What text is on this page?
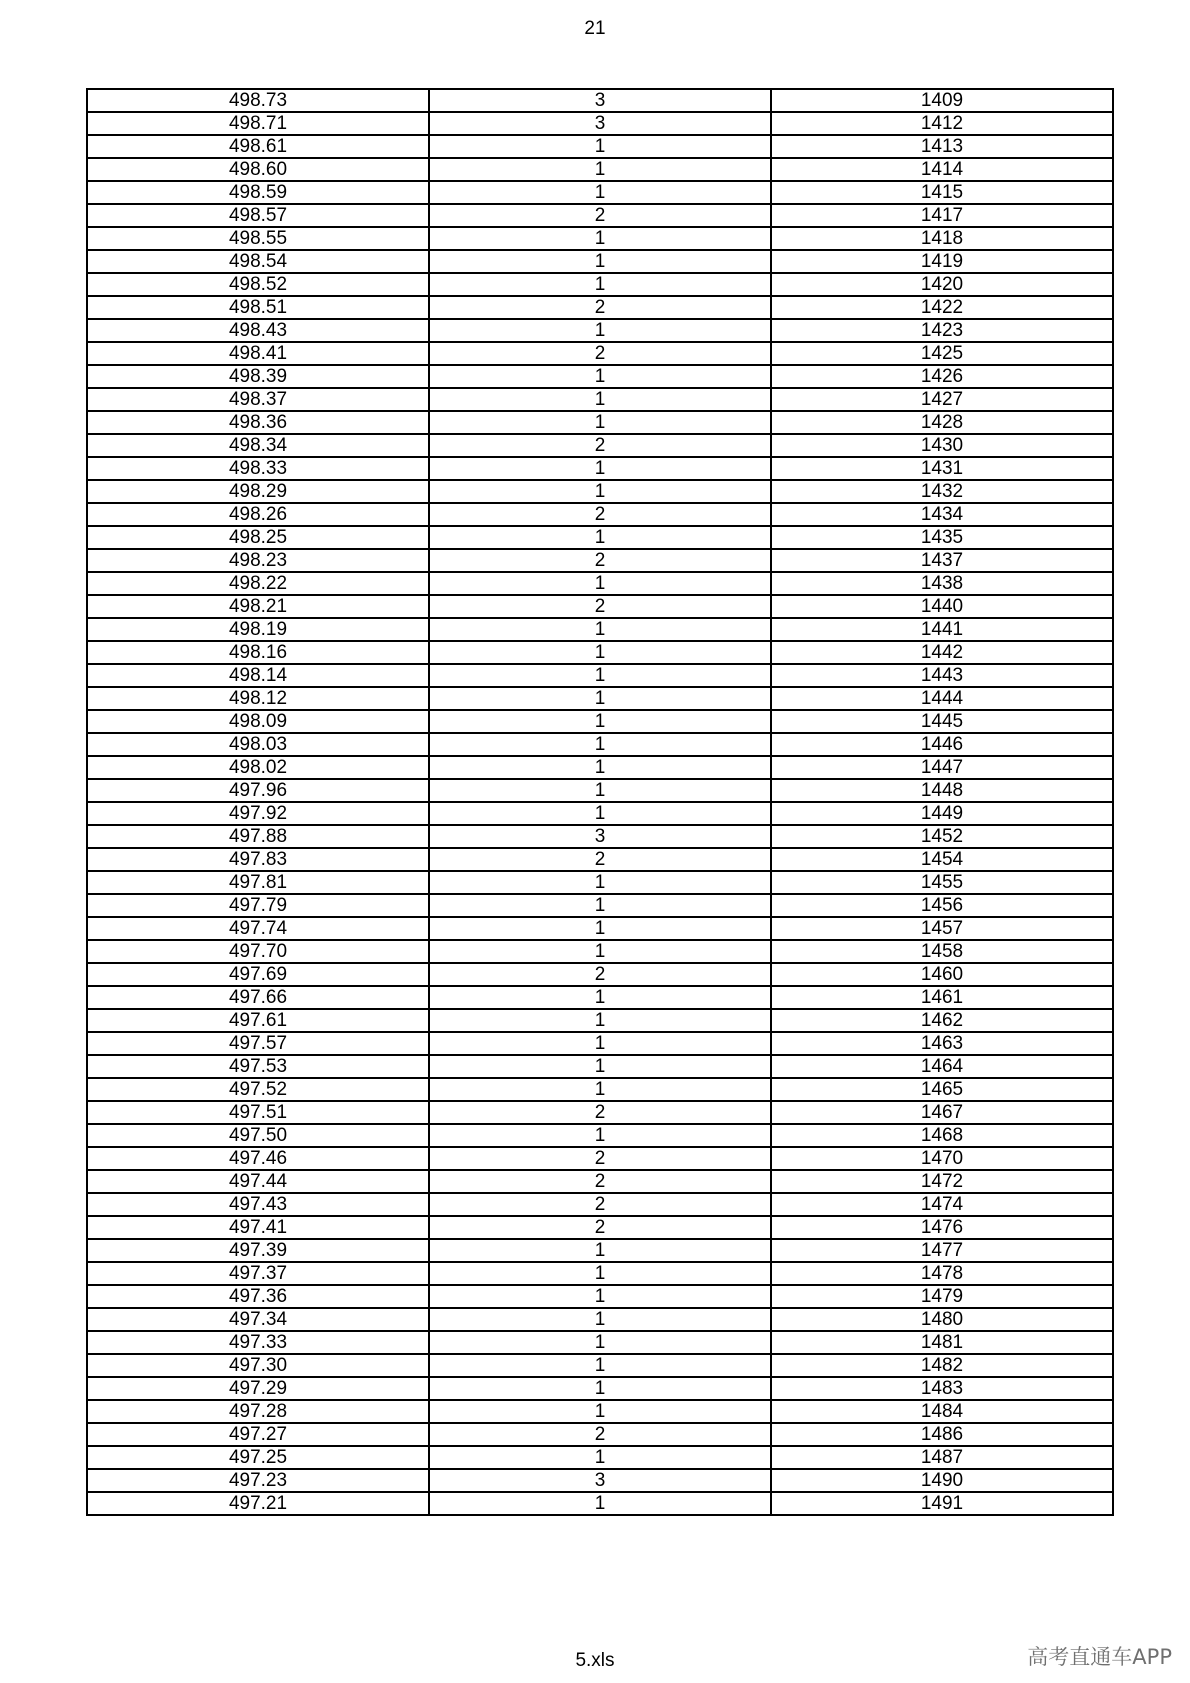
21
498.73	3	1409
498.71	3	1412
498.61	1	1413
498.60	1	1414
498.59	1	1415
498.57	2	1417
498.55	1	1418
498.54	1	1419
498.52	1	1420
498.51	2	1422
498.43	1	1423
498.41	2	1425
498.39	1	1426
498.37	1	1427
498.36	1	1428
498.34	2	1430
498.33	1	1431
498.29	1	1432
498.26	2	1434
498.25	1	1435
498.23	2	1437
498.22	1	1438
498.21	2	1440
498.19	1	1441
498.16	1	1442
498.14	1	1443
498.12	1	1444
498.09	1	1445
498.03	1	1446
498.02	1	1447
497.96	1	1448
497.92	1	1449
497.88	3	1452
497.83	2	1454
497.81	1	1455
497.79	1	1456
497.74	1	1457
497.70	1	1458
497.69	2	1460
497.66	1	1461
497.61	1	1462
497.57	1	1463
497.53	1	1464
497.52	1	1465
497.51	2	1467
497.50	1	1468
497.46	2	1470
497.44	2	1472
497.43	2	1474
497.41	2	1476
497.39	1	1477
497.37	1	1478
497.36	1	1479
497.34	1	1480
497.33	1	1481
497.30	1	1482
497.29	1	1483
497.28	1	1484
497.27	2	1486
497.25	1	1487
497.23	3	1490
497.21	1	1491
5.xls	高考直通车APP
